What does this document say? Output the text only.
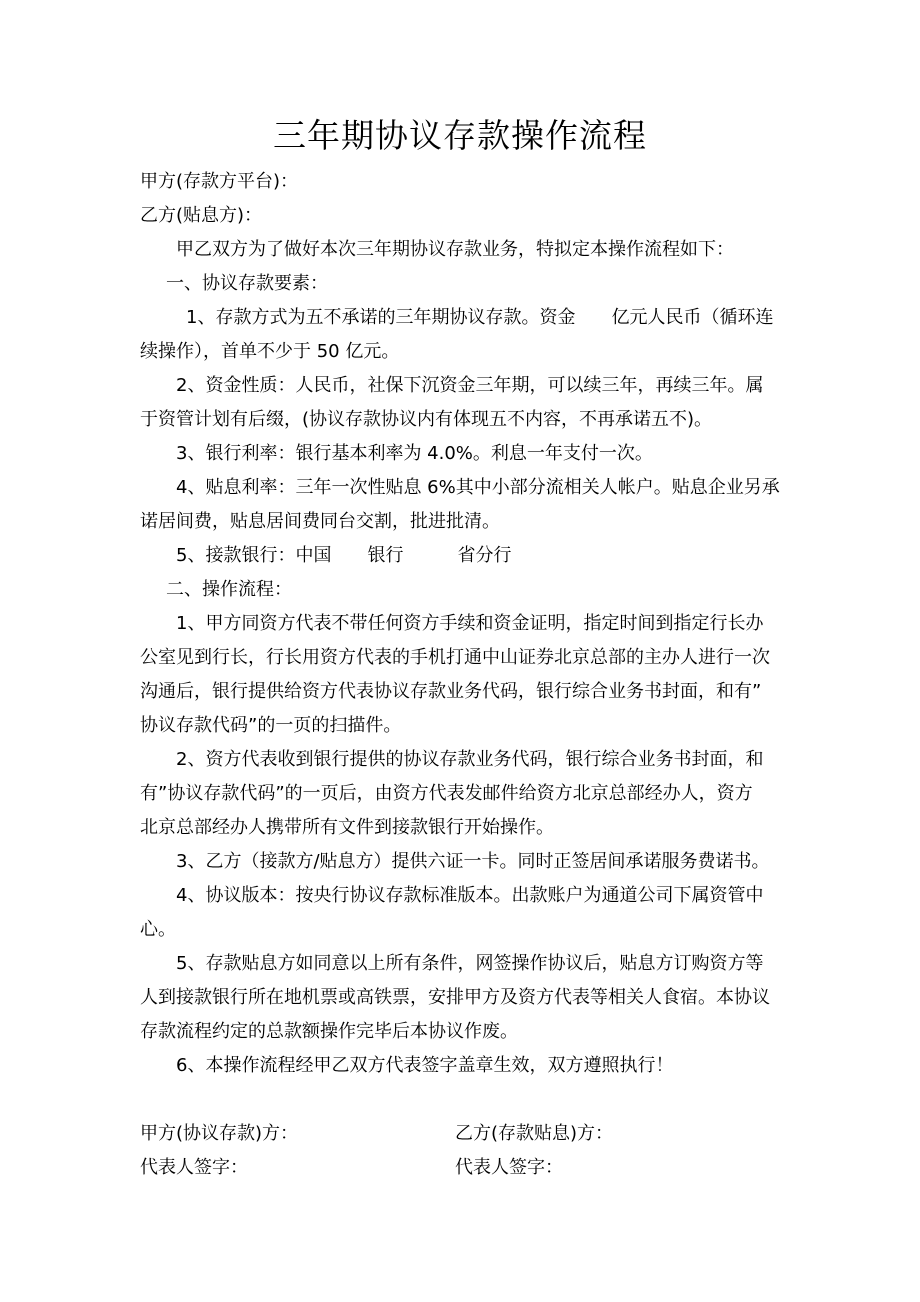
三年期协议存款操作流程
甲方(存款方平台)：
乙方(贴息方)：
甲乙双方为了做好本次三年期协议存款业务，特拟定本操作流程如下：
一、协议存款要素：
1、存款方式为五不承诺的三年期协议存款。资金　　亿元人民币（循环连
续操作），首单不少于 50 亿元。
2、资金性质：人民币，社保下沉资金三年期，可以续三年，再续三年。属
于资管计划有后缀，(协议存款协议内有体现五不内容，不再承诺五不)。
3、银行利率：银行基本利率为 4.0%。利息一年支付一次。
4、贴息利率：三年一次性贴息 6%其中小部分流相关人帐户。贴息企业另承
诺居间费，贴息居间费同台交割，批进批清。
5、接款银行：中国　　银行　　　省分行
二、操作流程：
1、甲方同资方代表不带任何资方手续和资金证明，指定时间到指定行长办
公室见到行长，行长用资方代表的手机打通中山证券北京总部的主办人进行一次
沟通后，银行提供给资方代表协议存款业务代码，银行综合业务书封面，和有”
协议存款代码”的一页的扫描件。
2、资方代表收到银行提供的协议存款业务代码，银行综合业务书封面，和
有”协议存款代码”的一页后，由资方代表发邮件给资方北京总部经办人，资方
北京总部经办人携带所有文件到接款银行开始操作。
3、乙方（接款方/贴息方）提供六证一卡。同时正签居间承诺服务费诺书。
4、协议版本：按央行协议存款标准版本。出款账户为通道公司下属资管中
心。
5、存款贴息方如同意以上所有条件，网签操作协议后，贴息方订购资方等
人到接款银行所在地机票或高铁票，安排甲方及资方代表等相关人食宿。本协议
存款流程约定的总款额操作完毕后本协议作废。
6、本操作流程经甲乙双方代表签字盖章生效，双方遵照执行！
甲方(协议存款)方：	乙方(存款贴息)方：
代表人签字：	代表人签字：
